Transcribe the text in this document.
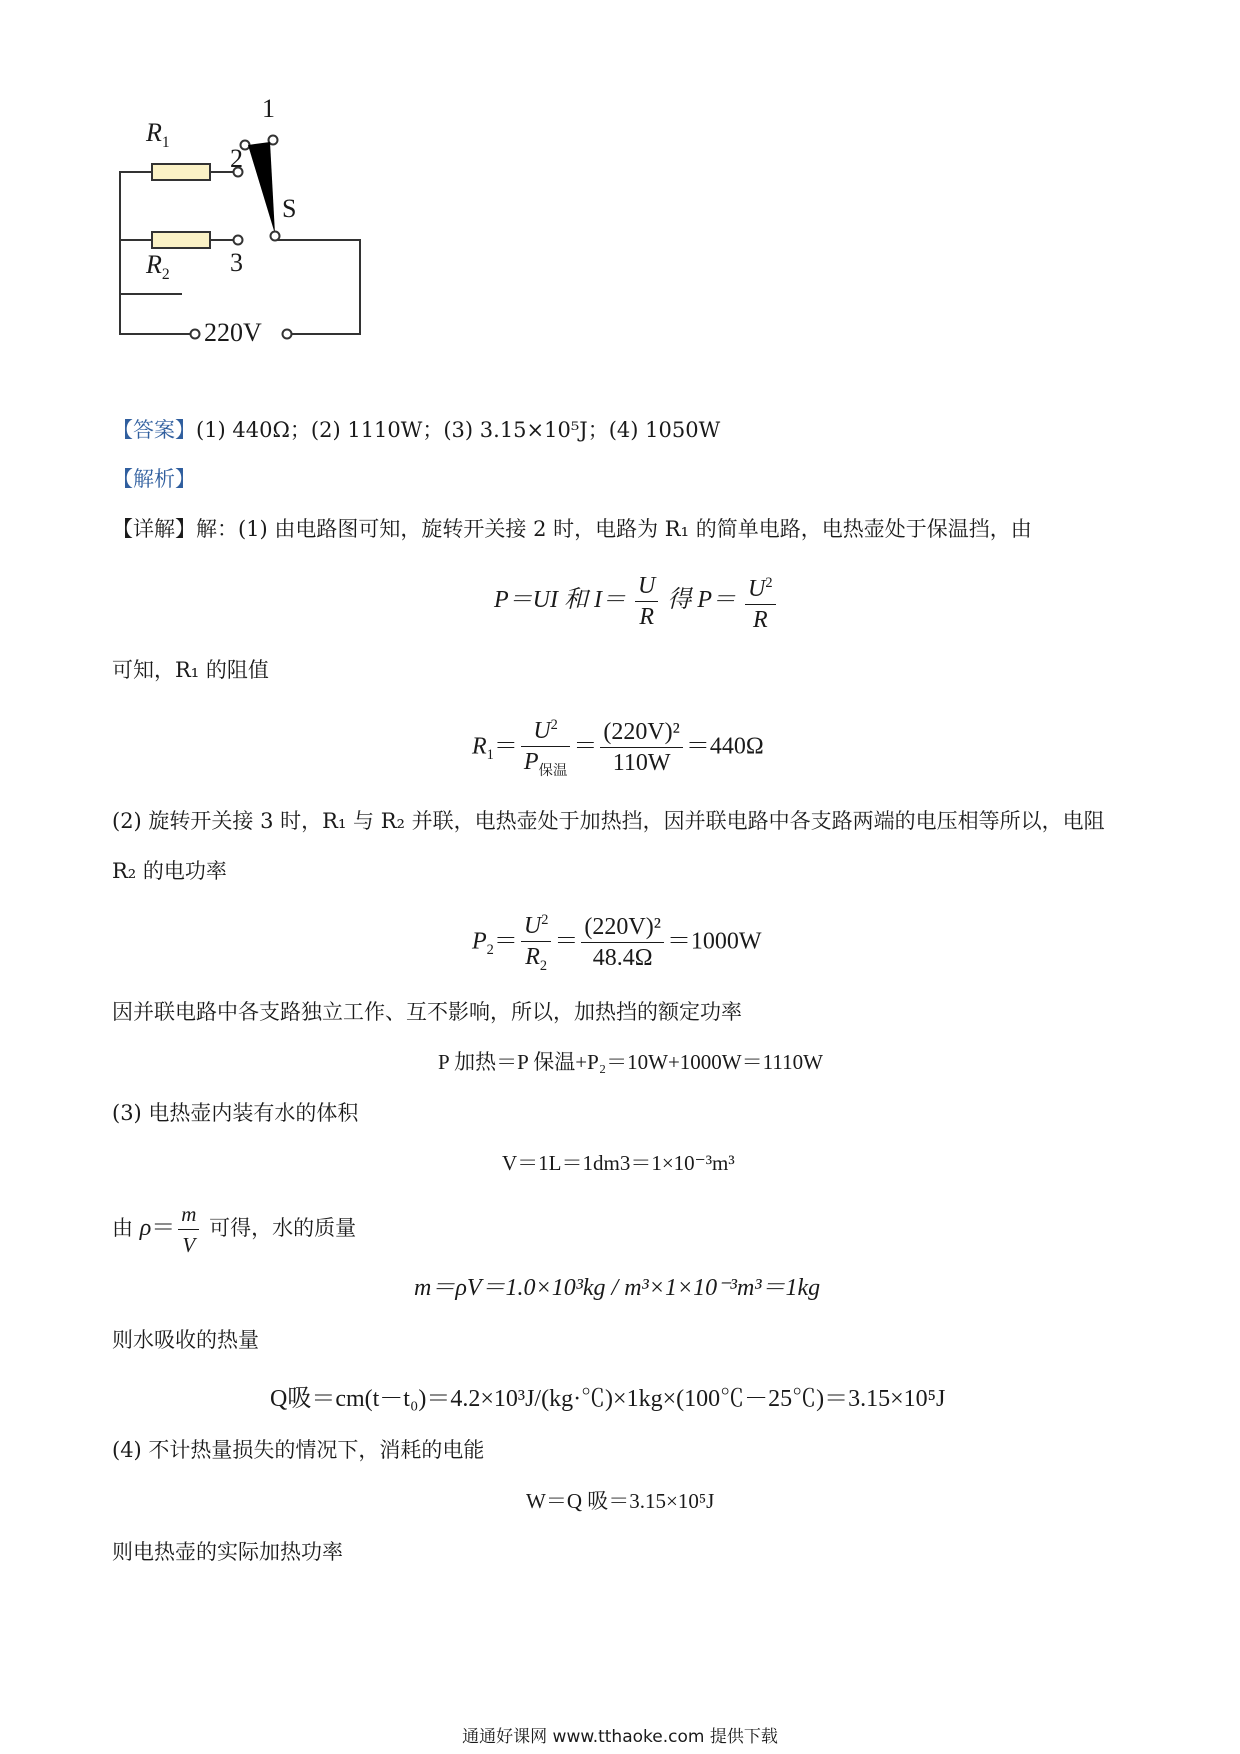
$R_1$
$R_2$
1
2
3
S
220V
【答案】(1) 440Ω；(2) 1110W；(3) 3.15×10⁵J；(4) 1050W
【解析】
【详解】解：(1) 由电路图可知，旋转开关接 2 时，电路为 R₁ 的简单电路，电热壶处于保温挡，由
P＝UI 和 $I= \frac{U}{R}$ 得 $P= \frac{U^2}{R}$
可知，R₁ 的阻值
$R_1= \frac{U^2}{P_{保温}} = \frac{\text{(220V)²}}{110W} =440\Omega$
(2) 旋转开关接 3 时，R₁ 与 R₂ 并联，电热壶处于加热挡，因并联电路中各支路两端的电压相等所以，电阻 R₂ 的电功率
$P_2= \frac{U^2}{R_2} = \frac{\text{(220V)²}}{48.4\Omega} =1000W$
因并联电路中各支路独立工作、互不影响，所以，加热挡的额定功率
P 加热＝P 保温+P₂＝10W+1000W＝1110W
(3) 电热壶内装有水的体积
V＝1L＝1dm3＝1×10⁻³m³
由 $\rho= \frac{m}{V}$ 可得，水的质量
m＝ρV＝1.0×10³kg / m³×1×10⁻³m³＝1kg
则水吸收的热量
Q吸＝cm(t－t₀)＝4.2×10³J/(kg·℃)×1kg×(100℃－25℃)＝3.15×10⁵J
(4) 不计热量损失的情况下，消耗的电能
W＝Q 吸＝3.15×10⁵J
则电热壶的实际加热功率
通通好课网 www.tthaoke.com 提供下载
